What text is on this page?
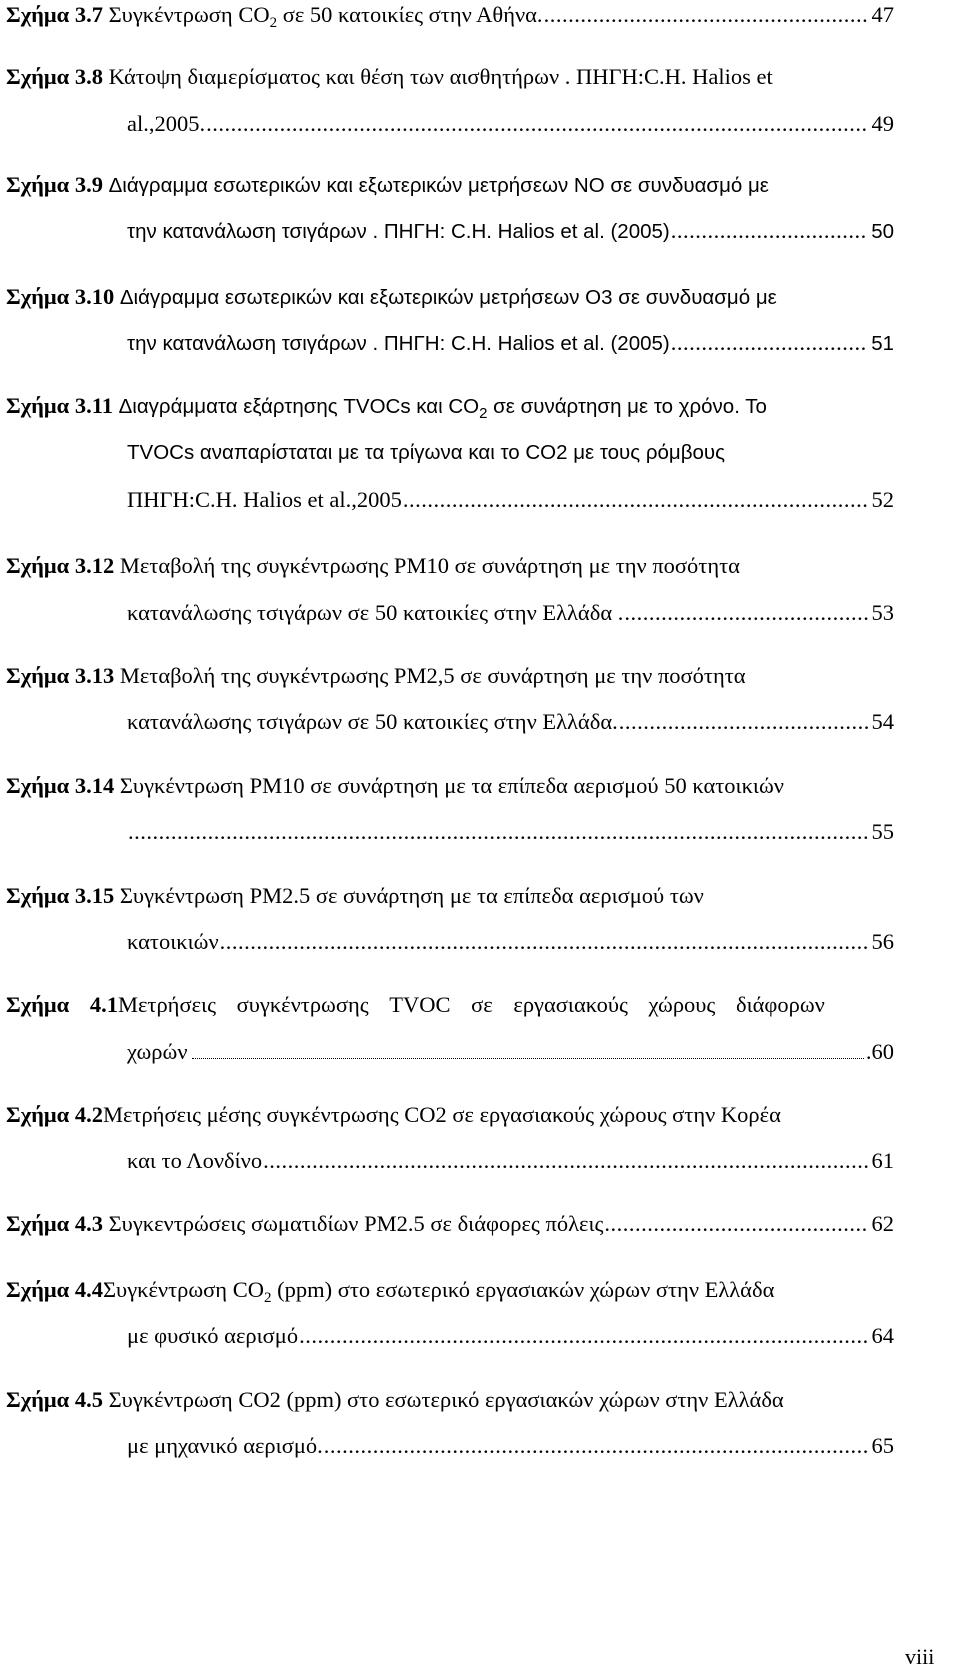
Σχήμα 3.7
Συγκέντρωση CO 2
σε 50 κατοικίες στην Αθήνα. .....	47
Σχήμα 3.8
Κάτοψη διαμερίσματος και θέση των αισθητήρων . ΠΗΓΗ:C.H. Halios et
al.,2005. .....	49
Σχήμα 3.9
Διάγραμμα εσωτερικών και εξωτερικών μετρήσεων ΝΟ σε συνδυασμό με
την κατανάλωση τσιγάρων . ΠΗΓΗ: C.H. Halios et al. (2005) .....	50
Σχήμα 3.10
Διάγραμμα εσωτερικών και εξωτερικών μετρήσεων Ο3 σε συνδυασμό με
την κατανάλωση τσιγάρων . ΠΗΓΗ: C.H. Halios et al. (2005) .....	51
Σχήμα 3.11
Διαγράμματα εξάρτησης TVOCs και CO 2
σε συνάρτηση με το χρόνο. Το
TVOCs αναπαρίσταται με τα τρίγωνα και το CO2 με τους ρόμβους
ΠΗΓΗ:C.H. Halios et al.,2005 .....	52
Σχήμα 3.12
Μεταβολή της συγκέντρωσης PM10 σε συνάρτηση με την ποσότητα
κατανάλωσης τσιγάρων σε 50 κατοικίες στην Ελλάδα . .....	53
Σχήμα 3.13
Μεταβολή της συγκέντρωσης PM2,5 σε συνάρτηση με την ποσότητα
κατανάλωσης τσιγάρων σε 50 κατοικίες στην Ελλάδα. .....	54
Σχήμα 3.14
Συγκέντρωση PM10 σε συνάρτηση με τα επίπεδα αερισμού 50 κατοικιών
.....
55
Σχήμα 3.15
Συγκέντρωση PM2.5 σε συνάρτηση με τα επίπεδα αερισμού των
κατοικιών .....	56
Σχήμα 4.1 Μετρήσεις συγκέντρωσης TVOC σε εργασιακούς χώρους διάφορων
χωρών	.60
Σχήμα 4.2 Μετρήσεις μέσης συγκέντρωσης CO2 σε εργασιακούς χώρους στην Κορέα
και το Λονδίνο .....	61
Σχήμα 4.3
Συγκεντρώσεις σωματιδίων PM2.5 σε διάφορες πόλεις .....	62
Σχήμα 4.4 Συγκέντρωση CO 2
(ppm) στο εσωτερικό εργασιακών χώρων στην Ελλάδα
με φυσικό αερισμό .....	64
Σχήμα 4.5
Συγκέντρωση CO2 (ppm) στο εσωτερικό εργασιακών χώρων στην Ελλάδα
με μηχανικό αερισμό. .....	65
viii
